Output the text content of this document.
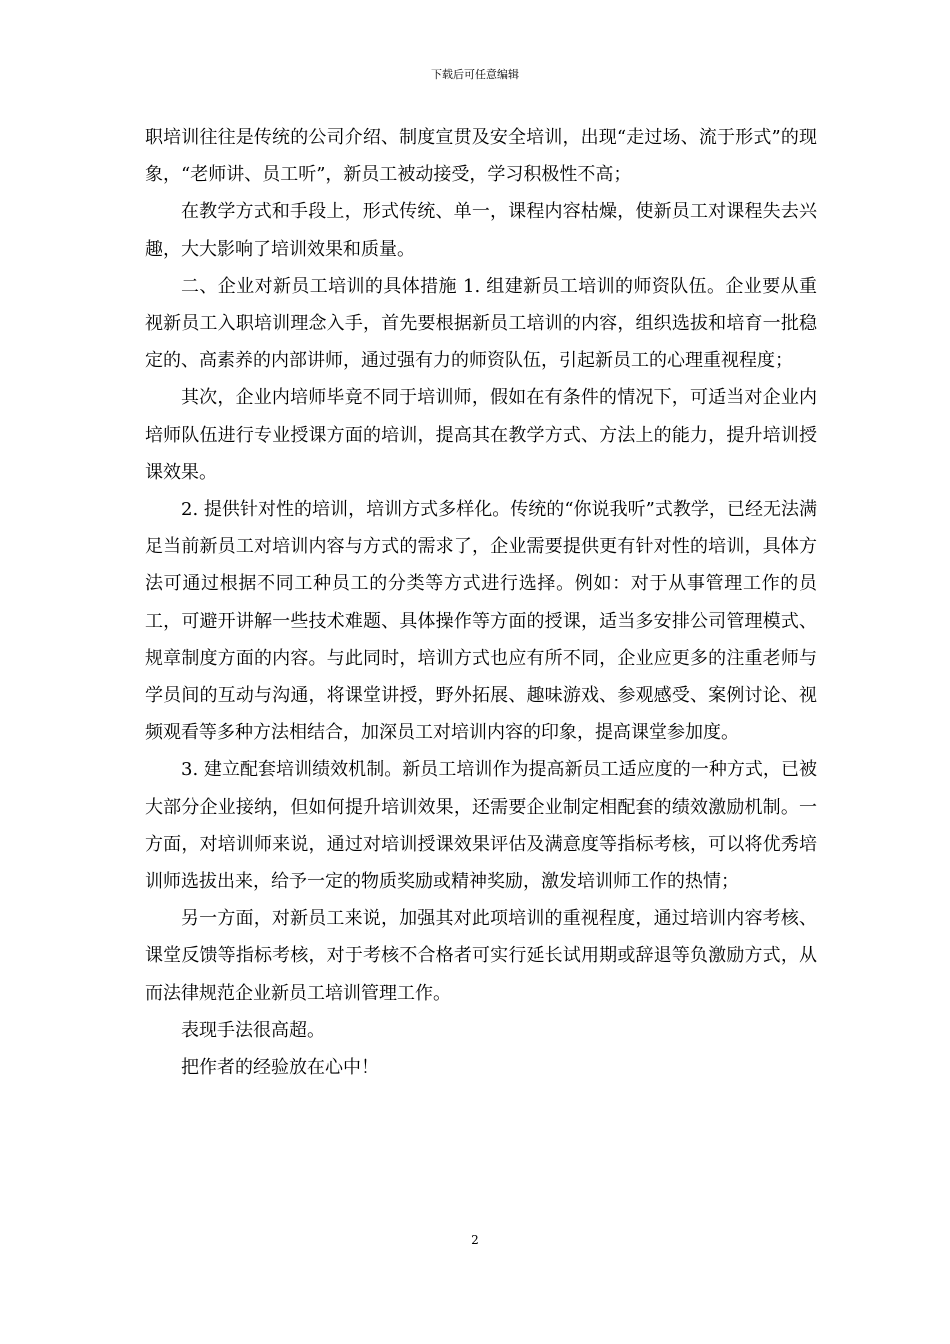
下载后可任意编辑

职培训往往是传统的公司介绍、制度宣贯及安全培训，出现“走过场、流于形式”的现象，“老师讲、员工听”，新员工被动接受，学习积极性不高；

在教学方式和手段上，形式传统、单一，课程内容枯燥，使新员工对课程失去兴趣，大大影响了培训效果和质量。

二、企业对新员工培训的具体措施 1. 组建新员工培训的师资队伍。企业要从重视新员工入职培训理念入手，首先要根据新员工培训的内容，组织选拔和培育一批稳定的、高素养的内部讲师，通过强有力的师资队伍，引起新员工的心理重视程度；

其次，企业内培师毕竟不同于培训师，假如在有条件的情况下，可适当对企业内培师队伍进行专业授课方面的培训，提高其在教学方式、方法上的能力，提升培训授课效果。

2. 提供针对性的培训，培训方式多样化。传统的“你说我听”式教学，已经无法满足当前新员工对培训内容与方式的需求了，企业需要提供更有针对性的培训，具体方法可通过根据不同工种员工的分类等方式进行选择。例如：对于从事管理工作的员工，可避开讲解一些技术难题、具体操作等方面的授课，适当多安排公司管理模式、规章制度方面的内容。与此同时，培训方式也应有所不同，企业应更多的注重老师与学员间的互动与沟通，将课堂讲授，野外拓展、趣味游戏、参观感受、案例讨论、视频观看等多种方法相结合，加深员工对培训内容的印象，提高课堂参加度。

3. 建立配套培训绩效机制。新员工培训作为提高新员工适应度的一种方式，已被大部分企业接纳，但如何提升培训效果，还需要企业制定相配套的绩效激励机制。一方面，对培训师来说，通过对培训授课效果评估及满意度等指标考核，可以将优秀培训师选拔出来，给予一定的物质奖励或精神奖励，激发培训师工作的热情；

另一方面，对新员工来说，加强其对此项培训的重视程度，通过培训内容考核、课堂反馈等指标考核，对于考核不合格者可实行延长试用期或辞退等负激励方式，从而法律规范企业新员工培训管理工作。

表现手法很高超。

把作者的经验放在心中！

2
